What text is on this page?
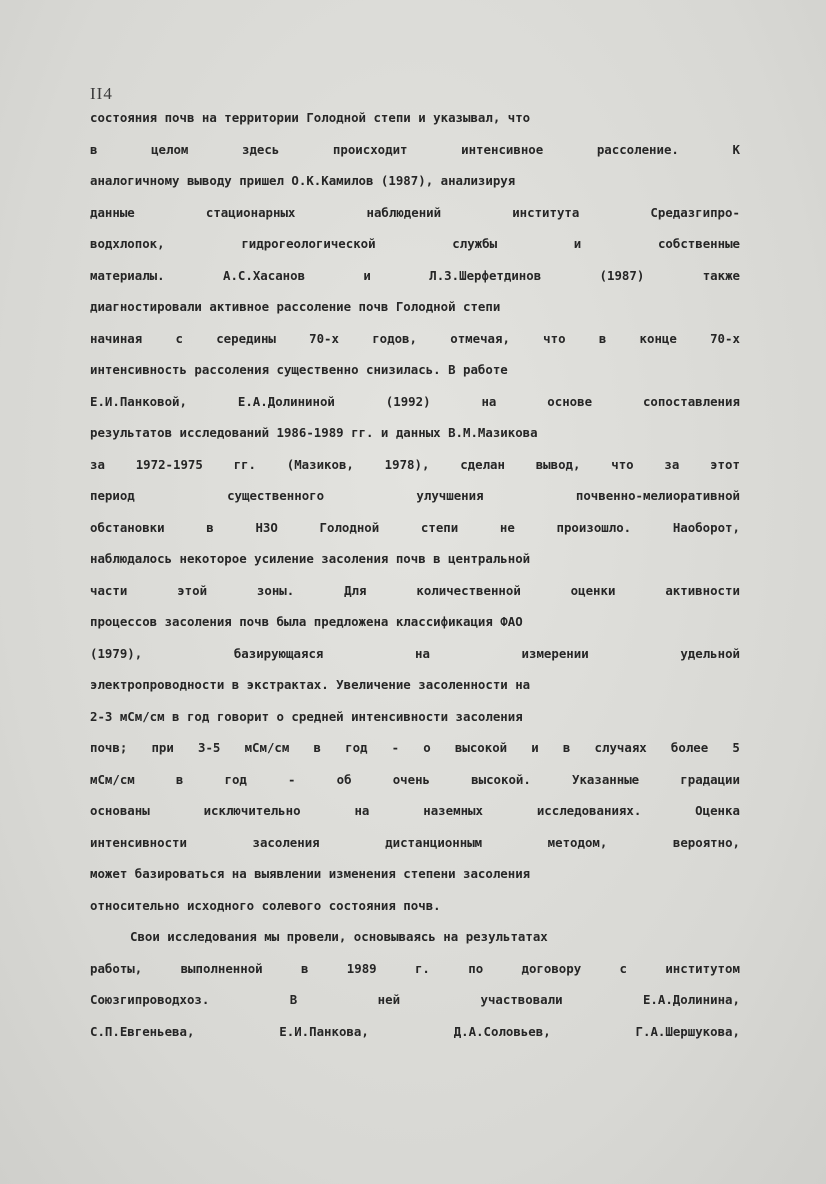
II4
состояния почв на территории Голодной степи и указывал, что
в	целом	здесь	происходит	интенсивное	рассоление.	К
аналогичному выводу пришел О.К.Камилов (1987), анализируя
данные	стационарных	наблюдений	института	Средазгипро-
водхлопок,	гидрогеологической	службы	и	собственные
материалы.	А.С.Хасанов	и	Л.З.Шерфетдинов	(1987)	также
диагностировали активное рассоление почв Голодной степи
начиная	с	середины	70-х	годов,	отмечая,	что	в	конце	70-х
интенсивность рассоления существенно снизилась. В работе
Е.И.Панковой,	Е.А.Долининой	(1992)	на	основе	сопоставления
результатов исследований 1986-1989 гг. и данных В.М.Мазикова
за 1972-1975 гг. (Мазиков, 1978), сделан вывод, что за этот
период	существенного	улучшения	почвенно-мелиоративной
обстановки	в	НЗО	Голодной	степи	не	произошло.	Наоборот,
наблюдалось некоторое усиление засоления почв в центральной
части	этой	зоны.	Для	количественной	оценки	активности
процессов засоления почв была предложена классификация ФАО
(1979),	базирующаяся	на	измерении	удельной
электропроводности в экстрактах. Увеличение засоленности на
2-3 мСм/см в год говорит о средней интенсивности засоления
почв; при 3-5 мСм/см в год - о высокой и в случаях более 5
мСм/см	в	год	-	об	очень	высокой.	Указанные	градации
основаны	исключительно	на	наземных	исследованиях.	Оценка
интенсивности	засоления	дистанционным	методом,	вероятно,
может базироваться на выявлении изменения степени засоления
относительно исходного солевого состояния почв.
Свои исследования мы провели, основываясь на результатах
работы,	выполненной	в	1989	г.	по	договору	с	институтом
Союзгипроводхоз.	В	ней	участвовали	Е.А.Долинина,
С.П.Евгеньева,	Е.И.Панкова,	Д.А.Соловьев,	Г.А.Шершукова,
